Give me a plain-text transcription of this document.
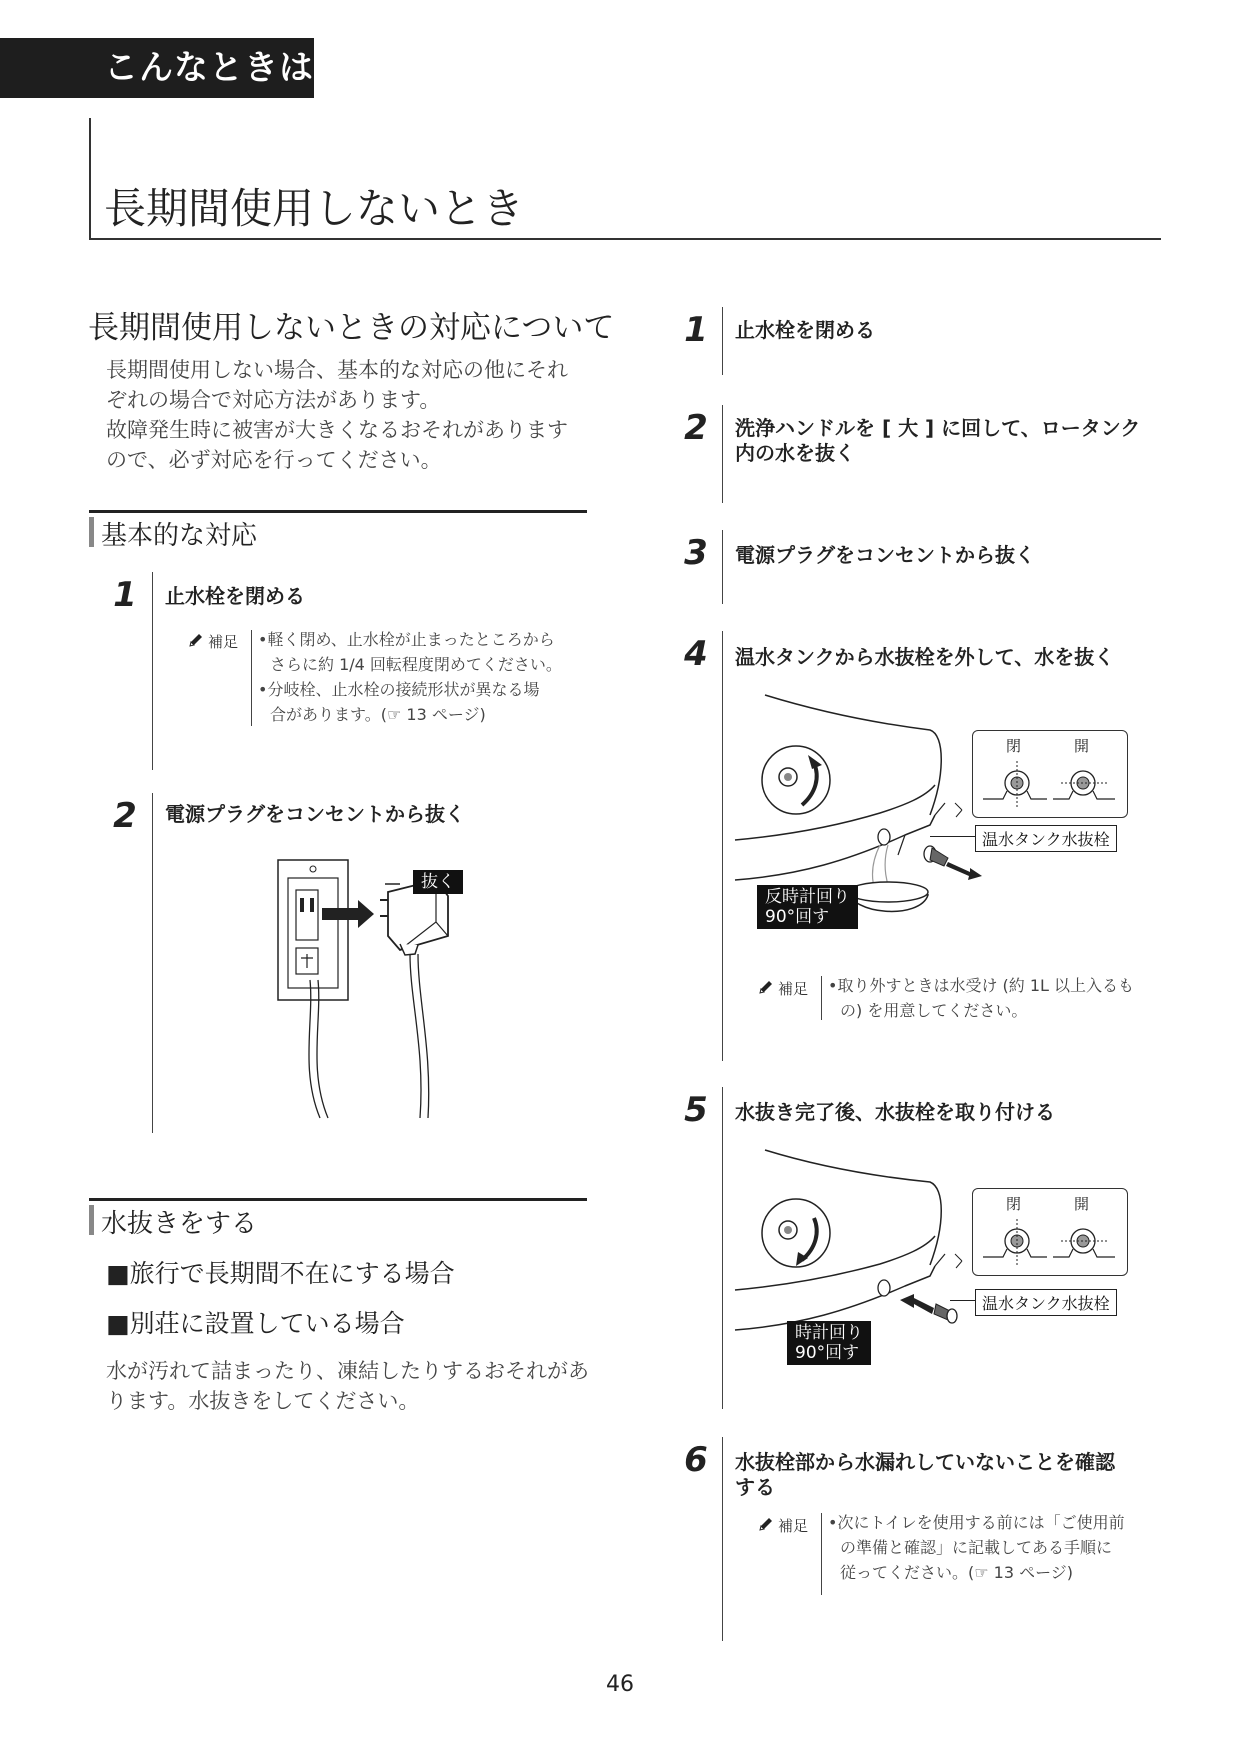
こんなときは
長期間使用しないとき
長期間使用しないときの対応について
長期間使用しない場合、基本的な対応の他にそれ
ぞれの場合で対応方法があります。
故障発生時に被害が大きくなるおそれがあります
ので、必ず対応を行ってください。
基本的な対応
1	止水栓を閉める
補足 •軽く閉め、止水栓が止まったところから
さらに約 1/4 回転程度閉めてください。
•分岐栓、止水栓の接続形状が異なる場
合があります。(☞ 13 ページ)
2	電源プラグをコンセントから抜く
抜く
水抜きをする
■旅行で長期間不在にする場合
■別荘に設置している場合
水が汚れて詰まったり、凍結したりするおそれがあ
ります。水抜きをしてください。
1	止水栓を閉める
2	洗浄ハンドルを [ 大 ] に回して、ロータンク
内の水を抜く
3	電源プラグをコンセントから抜く
4	温水タンクから水抜栓を外して、水を抜く
温水タンク水抜栓
閉	開
反時計回り
90°回す
補足 •取り外すときは水受け (約 1L 以上入るも
の) を用意してください。
5	水抜き完了後、水抜栓を取り付ける
温水タンク水抜栓
閉	開
時計回り
90°回す
6	水抜栓部から水漏れしていないことを確認
する
補足 •次にトイレを使用する前には「ご使用前
の準備と確認」に記載してある手順に
従ってください。(☞ 13 ページ)
46
